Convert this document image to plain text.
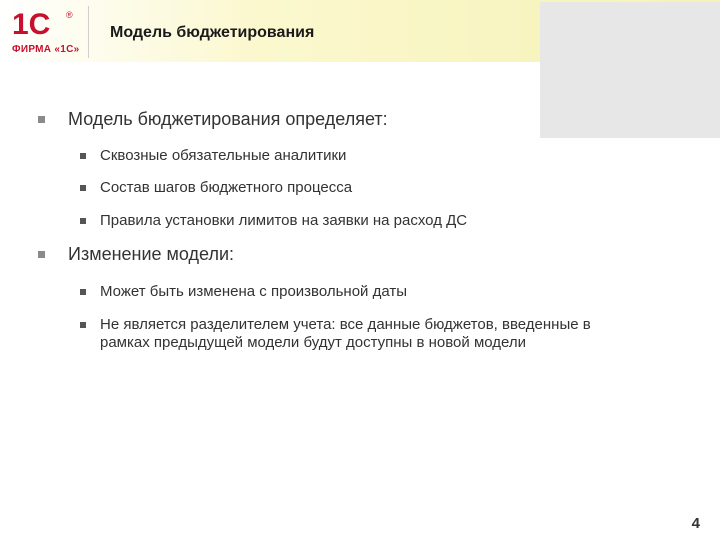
1С	®
ФИРМА «1С»
Модель бюджетирования
Модель бюджетирования определяет:
Сквозные обязательные аналитики
Состав шагов бюджетного процесса
Правила установки лимитов на заявки на расход ДС
Изменение модели:
Может быть изменена с произвольной даты
Не является разделителем учета: все данные бюджетов, введенные в рамках предыдущей модели будут доступны в новой модели
4
